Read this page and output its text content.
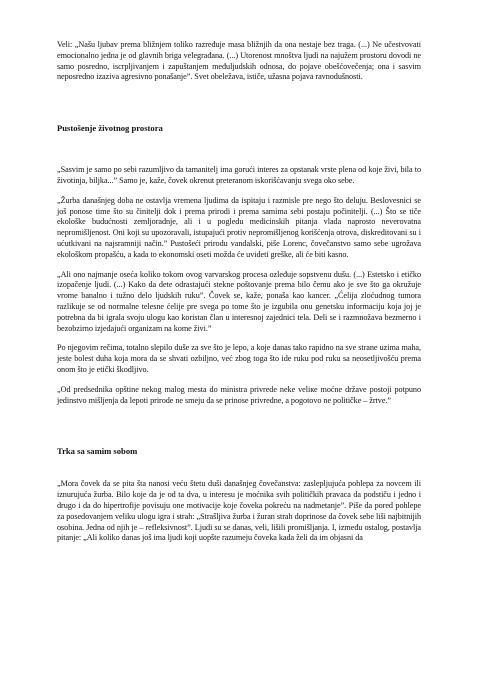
Veli: „Našu ljubav prema bližnjem toliko razređuje masa bližnjih da ona nestaje bez traga. (...) Ne učestvovati emocionalno jedna je od glavnih briga velegrađana. (...) Utorenost mnoštva ljudi na najužem prostoru dovodi ne samo posredno, iscrpljivanjem i zapuštanjem međuljudskih odnosa, do pojave obešćovečenja; ona i sasvim neposredno izaziva agresivno ponašanje”. Svet obeležava, ističe, užasna pojava ravnodušnosti.

Pustošenje životnog prostora

„Sasvim je samo po sebi razumljivo da tamanitelj ima gorući interes za opstanak vrste plena od koje živi, bila to životinja, biljka...” Samo je, kaže, čovek okrenut preteranom iskorišćavanju svega oko sebe.

„Žurba današnjeg doba ne ostavlja vremena ljudima da ispitaju i razmisle pre nego što deluju. Beslovesnici se još ponose time što su činitelji dok i prema prirodi i prema samima sebi postaju počinitelji. (...) Što se tiče ekološke budućnosti zemljoradnje, ali i u pogledu medicinskih pitanja vlada naprosto neverovatna nepromišljenost. Oni koji su upozoravali, istupajući protiv nepromišljenog korišćenja otrova, diskreditovani su i ućutkivani na najsramniji način.” Pustošeći prirodu vandalski, piše Lorenc, čovečanstvo samo sebe ugrožava ekološkom propašću, a kada to ekonomski oseti možda će uvideti greške, ali će biti kasno.

„Ali ono najmanje oseća koliko tokom ovog varvarskog procesa ozleđuje sopstvenu dušu. (...) Estetsko i etičko izopačenje ljudi. (...) Kako da dete odrastajući steknе poštovanje prema bilo čemu ako je sve što ga okružuje vrome banalno i tužno delo ljudskih ruku”. Čovek se, kaže, ponaša kao kancer. „Ćelija zloćudnog tumora razlikuje se od normalne telesne ćelije pre svega po tome što je izgubila onu genetsku informaciju koja joj je potrebna da bi igrala svoju ulogu kao koristan član u interesnoj zajednici tela. Deli se i razmnožava bezmerno i bezobzirno izjedajući organizam na kome živi.”

Po njegovim rečima, totalno slepilo duše za sve što je lepo, a koje danas tako rapidno na sve strane uzima maha, jeste bolest duha koja mora da se shvati ozbiljno, već zbog toga što ide ruku pod ruku sa neosetljivošću prema onom što je etički škodljivo.

„Od predsednika opštine nekog malog mesta do ministra privrede neke veliке moćne države postoji potpuno jedinstvo mišljenja da lepoti prirode ne smeju da se prinose privredne, a pogotovo ne političke – žrtve.”

Trka sa samim sobom

„Mora čovek da se pita šta nanosi veću štetu duši današnjeg čovečanstva: zaslepljujuća pohlepa za novcem ili iznurujuća žurba. Bilo koje da je od ta dva, u interesu je moćnika svih političkih pravaca da podstiču i jedno i drugo i da do hipertrofije povisuju one motivacije koje čoveka pokreću na nadmetanje”. Piše da pored pohlepe za posedovanjem veliku ulogu igra i strah: „Strašljiva žurba i žuran strah doprinose da čovek sebe liši najbitnijih osobina. Jedna od njih je – refleksivnost”. Ljudi su se danas, veli, lišili promišljanja. I, između ostalog, postavlja pitanje: „Ali koliko danas još ima ljudi koji uopšte razumeju čoveka kada želi da im objasni da
